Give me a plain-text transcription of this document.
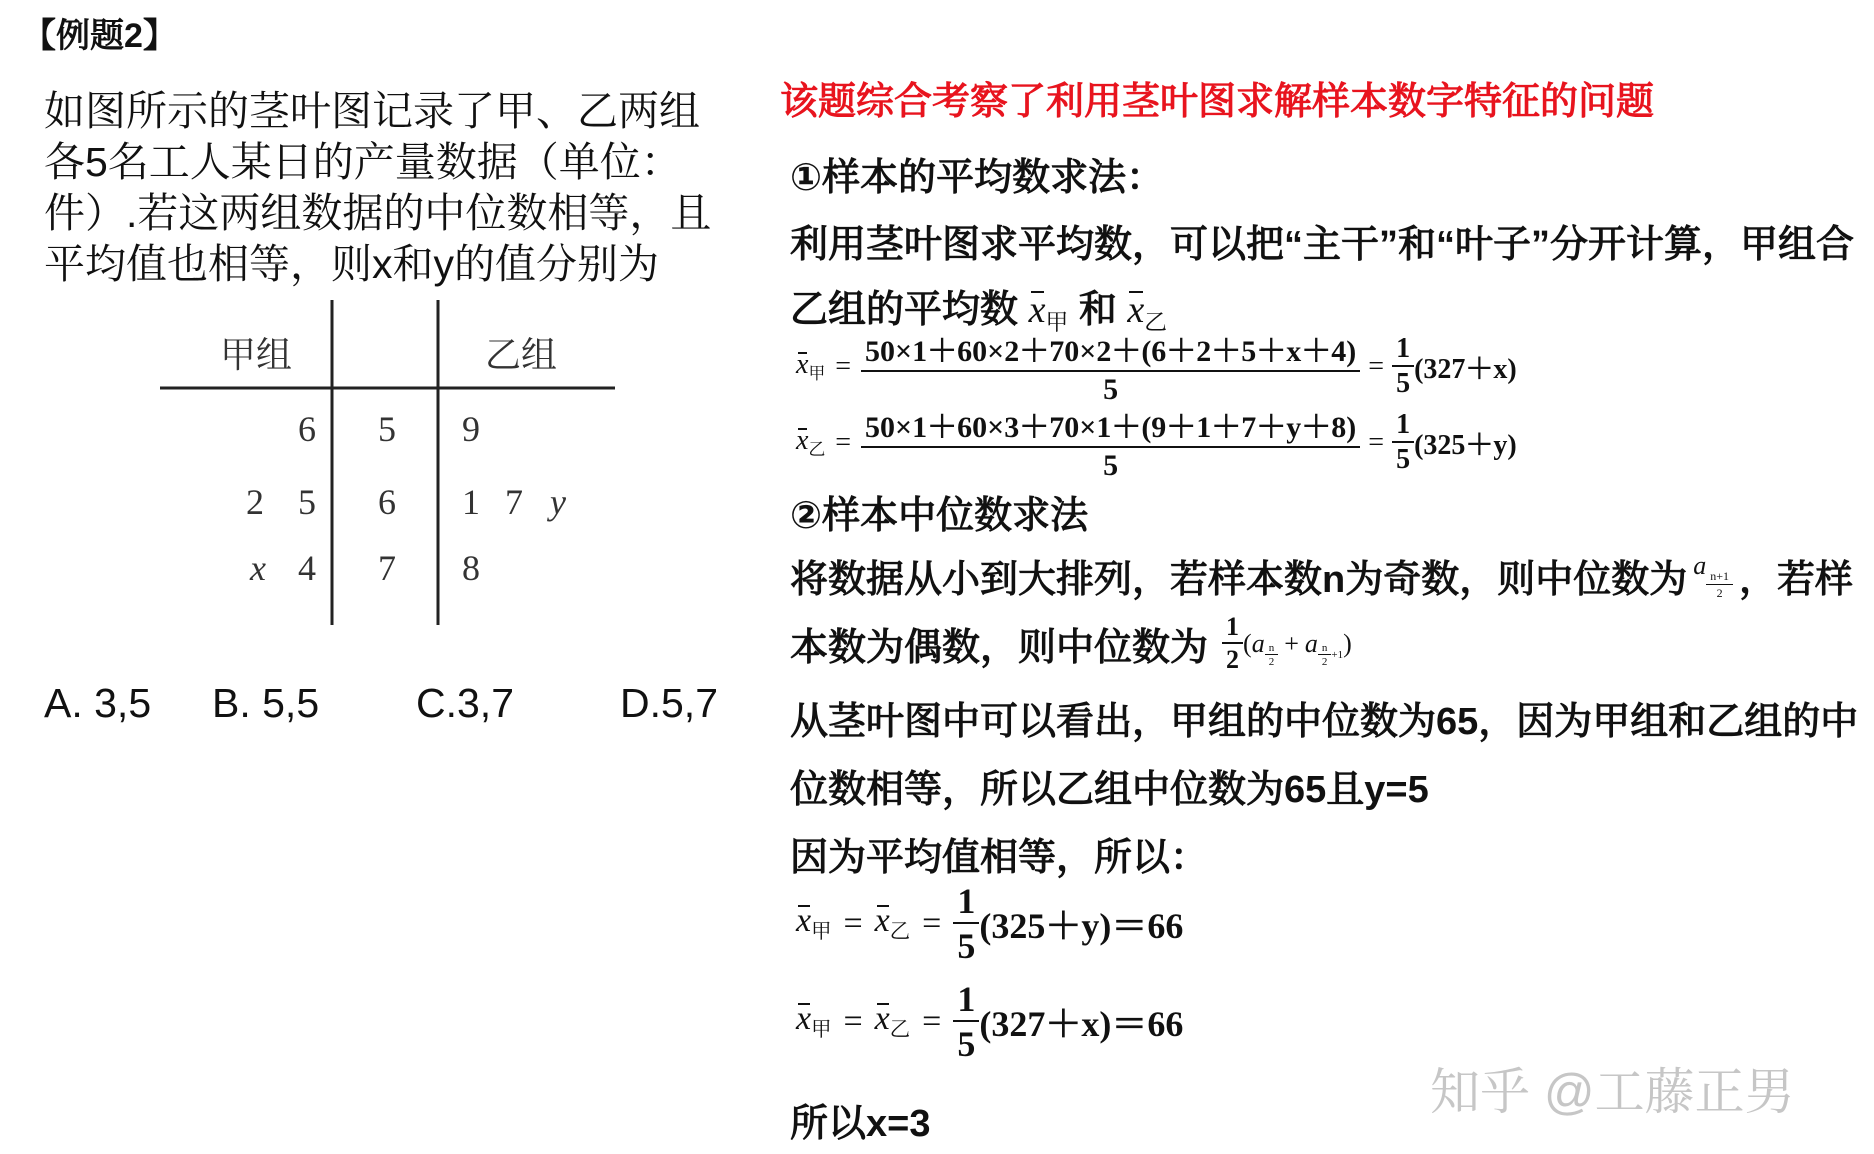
【例题2】
如图所示的茎叶图记录了甲、乙两组
各5名工人某日的产量数据（单位：
件）.若这两组数据的中位数相等，且
平均值也相等，则x和y的值分别为
甲组	乙组
6 5 9
2 5 6 1 7 y
x 4 7 8
A. 3,5 B. 5,5 C.3,7	D.5,7
该题综合考察了利用茎叶图求解样本数字特征的问题
①样本的平均数求法：
利用茎叶图求平均数，可以把“主干”和“叶子”分开计算，甲组合
乙组的平均数 $x_甲$ 和 $x_乙$
$x_甲 = \frac{50\times 1+60\times 2+70\times 2+(6+2+5+x+4)}{5} = \frac{1}{5} (327+x)$
$x_乙 = \frac{50\times 1+60\times 3+70\times 1+(9+1+7+y+8)}{5} = \frac{1}{5} (325+y)$
②样本中位数求法
将数据从小到大排列，若样本数n为奇数，则中位数为 a
$\frac{n+1}{2}$ ，若样
本数为偶数，则中位数为 $\frac{1}{2}$ ( a $\frac{n}{2} + a \frac{n}{2} +1$ )
从茎叶图中可以看出，甲组的中位数为65，因为甲组和乙组的中
位数相等，所以乙组中位数为65且y=5
因为平均值相等，所以：
$x_甲 = x_乙 = \frac{1}{5} (325+y)=66$
$x_甲 = x_乙 = \frac{1}{5} (327+x)=66$
所以x=3
知乎 @工藤正男
